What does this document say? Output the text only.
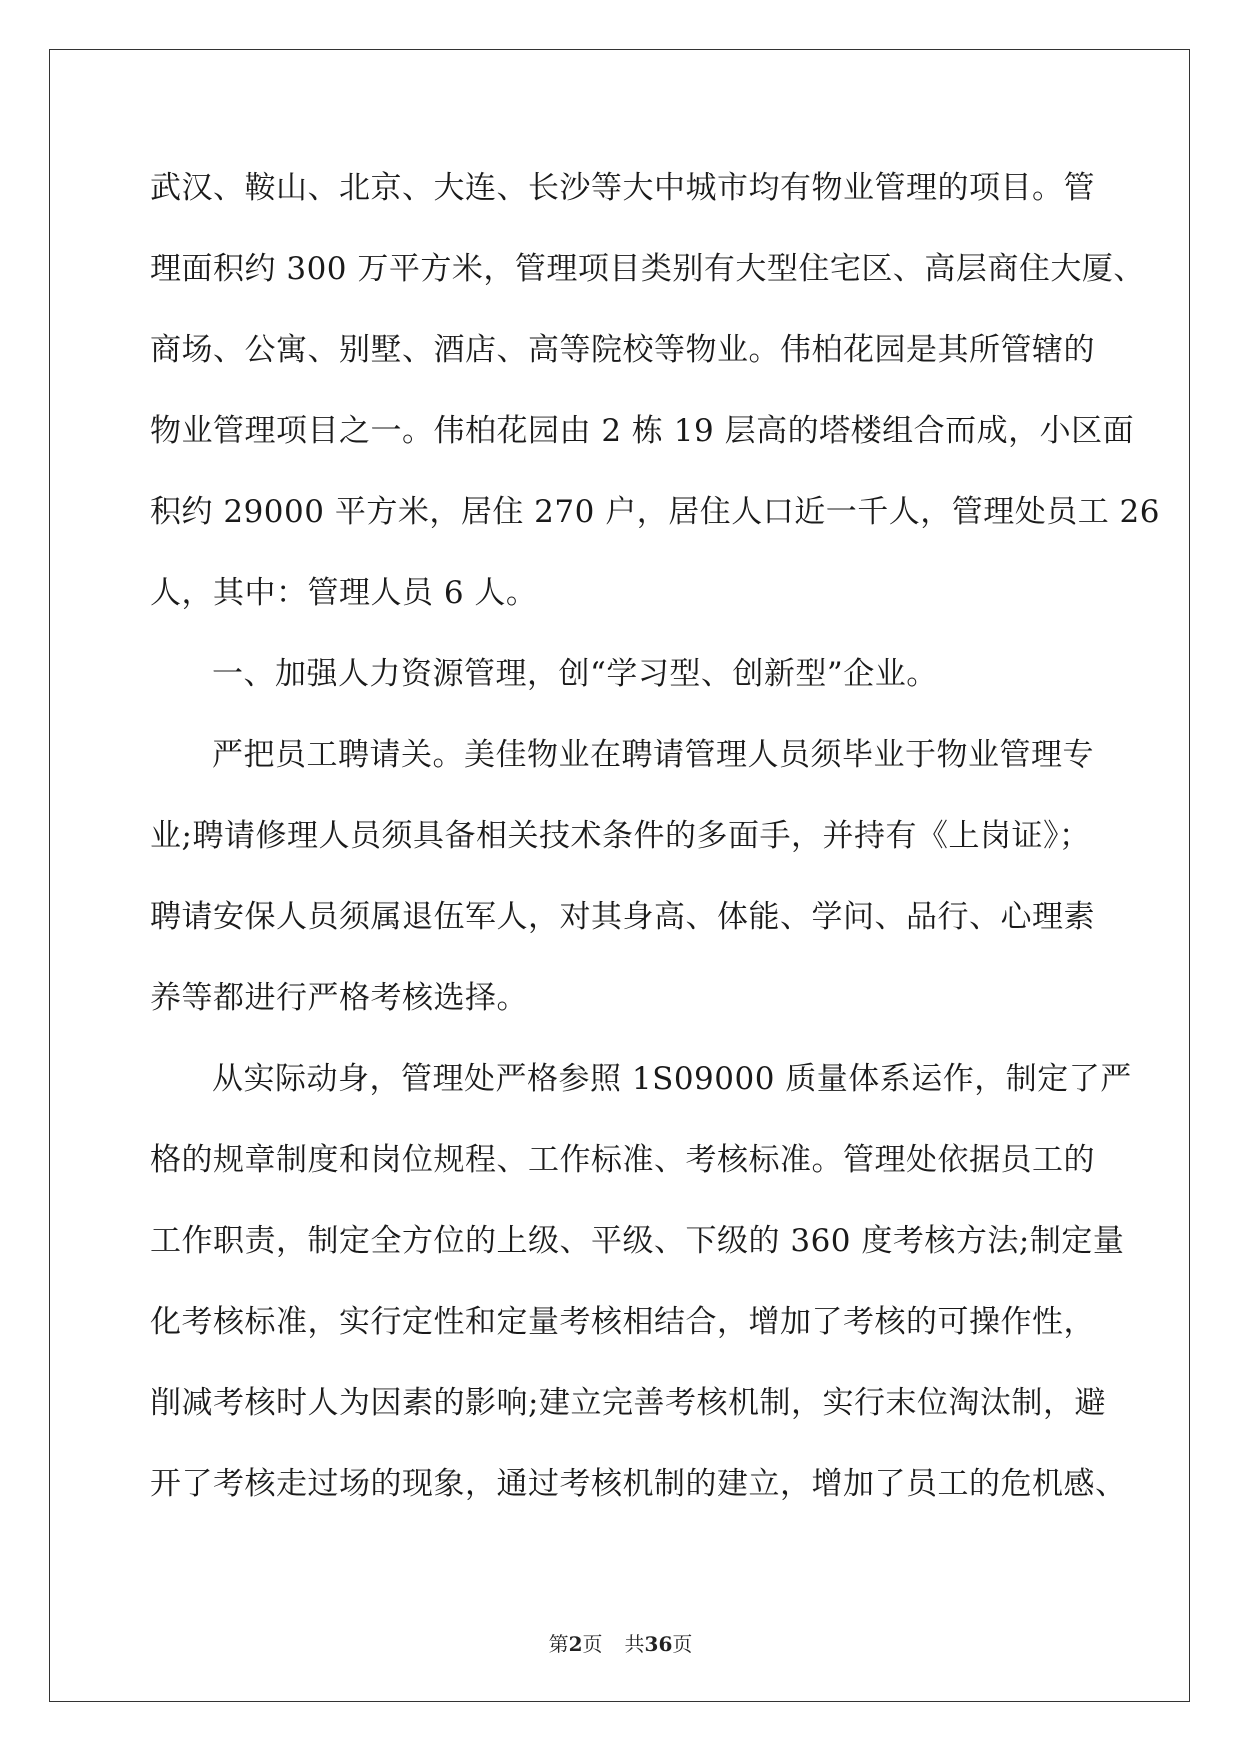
武汉、鞍山、北京、大连、长沙等大中城市均有物业管理的项目。管
理面积约 300 万平方米，管理项目类别有大型住宅区、高层商住大厦、
商场、公寓、别墅、酒店、高等院校等物业。伟柏花园是其所管辖的
物业管理项目之一。伟柏花园由 2 栋 19 层高的塔楼组合而成，小区面
积约 29000 平方米，居住 270 户，居住人口近一千人，管理处员工 26
人，其中：管理人员 6 人。
一、加强人力资源管理，创“学习型、创新型”企业。
严把员工聘请关。美佳物业在聘请管理人员须毕业于物业管理专
业;聘请修理人员须具备相关技术条件的多面手，并持有《上岗证》；
聘请安保人员须属退伍军人，对其身高、体能、学问、品行、心理素
养等都进行严格考核选择。
从实际动身，管理处严格参照 1S09000 质量体系运作，制定了严
格的规章制度和岗位规程、工作标准、考核标准。管理处依据员工的
工作职责，制定全方位的上级、平级、下级的 360 度考核方法;制定量
化考核标准，实行定性和定量考核相结合，增加了考核的可操作性，
削减考核时人为因素的影响;建立完善考核机制，实行末位淘汰制，避
开了考核走过场的现象，通过考核机制的建立，增加了员工的危机感、
第2页 共36页
